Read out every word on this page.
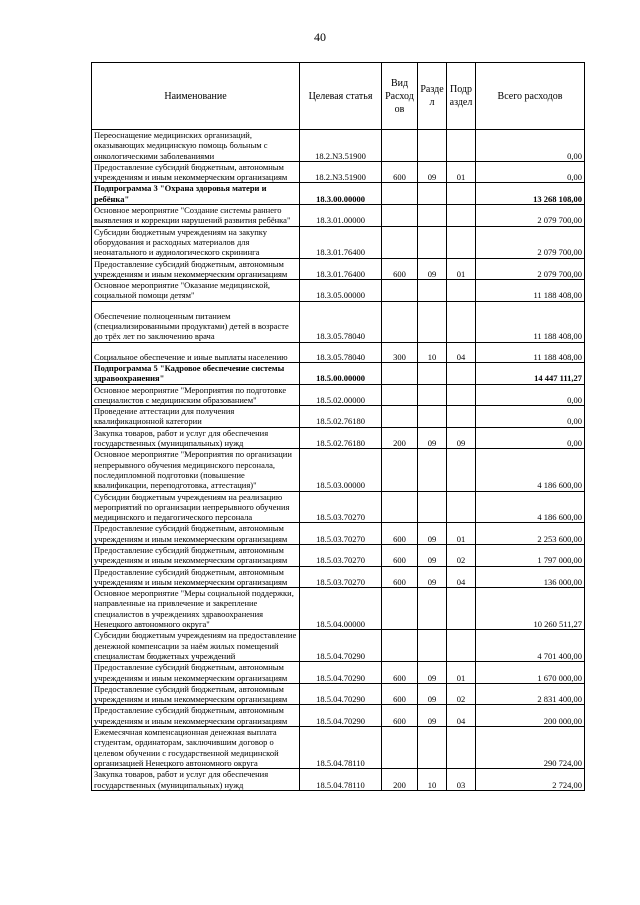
40
Наименование	Целевая статья	Вид Расход ов	Разде л	Подр аздел	Всего расходов
Переоснащение медицинских организаций, оказывающих медицинскую помощь больным с онкологическими заболеваниями	18.2.N3.51900				0,00
Предоставление субсидий бюджетным, автономным учреждениям и иным некоммерческим организациям	18.2.N3.51900	600	09	01	0,00
Подпрограмма 3 "Охрана здоровья матери и ребёнка"	18.3.00.00000				13 268 108,00
Основное мероприятие "Создание системы раннего выявления и коррекции нарушений развития ребёнка"	18.3.01.00000				2 079 700,00
Субсидии бюджетным учреждениям на закупку оборудования и расходных материалов для неонатального и аудиологического скрининга	18.3.01.76400				2 079 700,00
Предоставление субсидий бюджетным, автономным учреждениям и иным некоммерческим организациям	18.3.01.76400	600	09	01	2 079 700,00
Основное мероприятие "Оказание медицинской, социальной помощи детям"	18.3.05.00000				11 188 408,00
Обеспечение полноценным питанием (специализированными продуктами) детей в возрасте до трёх лет по заключению врача	18.3.05.78040				11 188 408,00
Социальное обеспечение и иные выплаты населению	18.3.05.78040	300	10	04	11 188 408,00
Подпрограмма 5 "Кадровое обеспечение системы здравоохранения"	18.5.00.00000				14 447 111,27
Основное мероприятие "Мероприятия по подготовке специалистов с медицинским образованием"	18.5.02.00000				0,00
Проведение аттестации для получения квалификационной категории	18.5.02.76180				0,00
Закупка товаров, работ и услуг для обеспечения государственных (муниципальных) нужд	18.5.02.76180	200	09	09	0,00
Основное мероприятие "Мероприятия по организации непрерывного обучения медицинского персонала, последипломной подготовки (повышение квалификации, переподготовка, аттестация)"	18.5.03.00000				4 186 600,00
Субсидии бюджетным учреждениям на реализацию мероприятий по организации непрерывного обучения медицинского и педагогического персонала	18.5.03.70270				4 186 600,00
Предоставление субсидий бюджетным, автономным учреждениям и иным некоммерческим организациям	18.5.03.70270	600	09	01	2 253 600,00
Предоставление субсидий бюджетным, автономным учреждениям и иным некоммерческим организациям	18.5.03.70270	600	09	02	1 797 000,00
Предоставление субсидий бюджетным, автономным учреждениям и иным некоммерческим организациям	18.5.03.70270	600	09	04	136 000,00
Основное мероприятие "Меры социальной поддержки, направленные на привлечение и закрепление специалистов в учреждениях здравоохранения Ненецкого автономного округа"	18.5.04.00000				10 260 511,27
Субсидии бюджетным учреждениям на предоставление денежной компенсации за наём жилых помещений специалистам бюджетных учреждений	18.5.04.70290				4 701 400,00
Предоставление субсидий бюджетным, автономным учреждениям и иным некоммерческим организациям	18.5.04.70290	600	09	01	1 670 000,00
Предоставление субсидий бюджетным, автономным учреждениям и иным некоммерческим организациям	18.5.04.70290	600	09	02	2 831 400,00
Предоставление субсидий бюджетным, автономным учреждениям и иным некоммерческим организациям	18.5.04.70290	600	09	04	200 000,00
Ежемесячная компенсационная денежная выплата студентам, ординаторам, заключившим договор о целевом обучении с государственной медицинской организацией Ненецкого автономного округа	18.5.04.78110				290 724,00
Закупка товаров, работ и услуг для обеспечения государственных (муниципальных) нужд	18.5.04.78110	200	10	03	2 724,00
